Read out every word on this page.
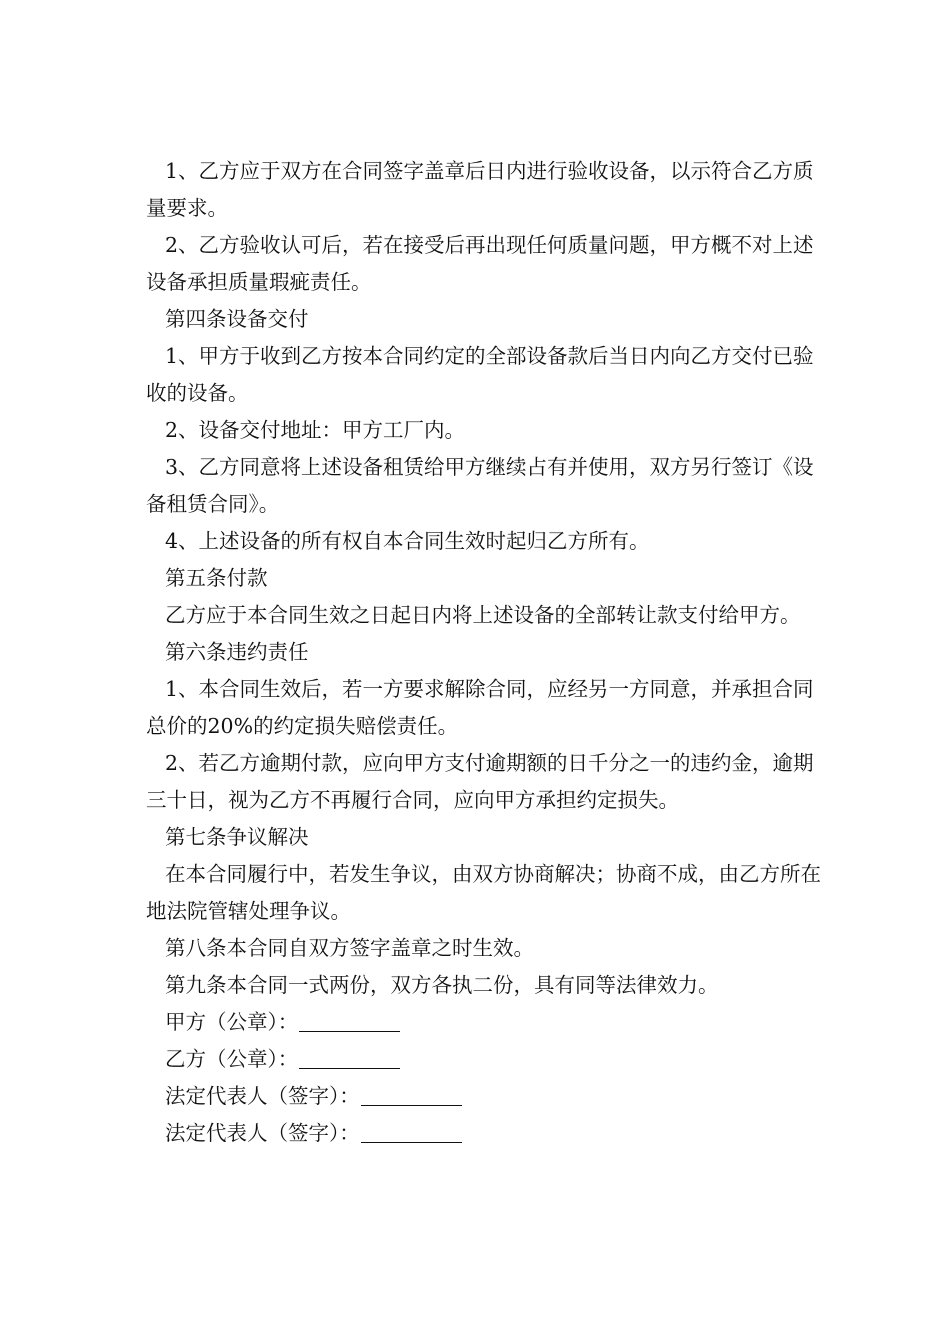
1、乙方应于双方在合同签字盖章后日内进行验收设备，以示符合乙方质量要求。

2、乙方验收认可后，若在接受后再出现任何质量问题，甲方概不对上述设备承担质量瑕疵责任。

第四条设备交付

1、甲方于收到乙方按本合同约定的全部设备款后当日内向乙方交付已验收的设备。

2、设备交付地址：甲方工厂内。

3、乙方同意将上述设备租赁给甲方继续占有并使用，双方另行签订《设备租赁合同》。

4、上述设备的所有权自本合同生效时起归乙方所有。

第五条付款

乙方应于本合同生效之日起日内将上述设备的全部转让款支付给甲方。

第六条违约责任

1、本合同生效后，若一方要求解除合同，应经另一方同意，并承担合同总价的20%的约定损失赔偿责任。

2、若乙方逾期付款，应向甲方支付逾期额的日千分之一的违约金，逾期三十日，视为乙方不再履行合同，应向甲方承担约定损失。

第七条争议解决

在本合同履行中，若发生争议，由双方协商解决；协商不成，由乙方所在地法院管辖处理争议。

第八条本合同自双方签字盖章之时生效。

第九条本合同一式两份，双方各执二份，具有同等法律效力。

甲方（公章）：

乙方（公章）：

法定代表人（签字）：

法定代表人（签字）：
